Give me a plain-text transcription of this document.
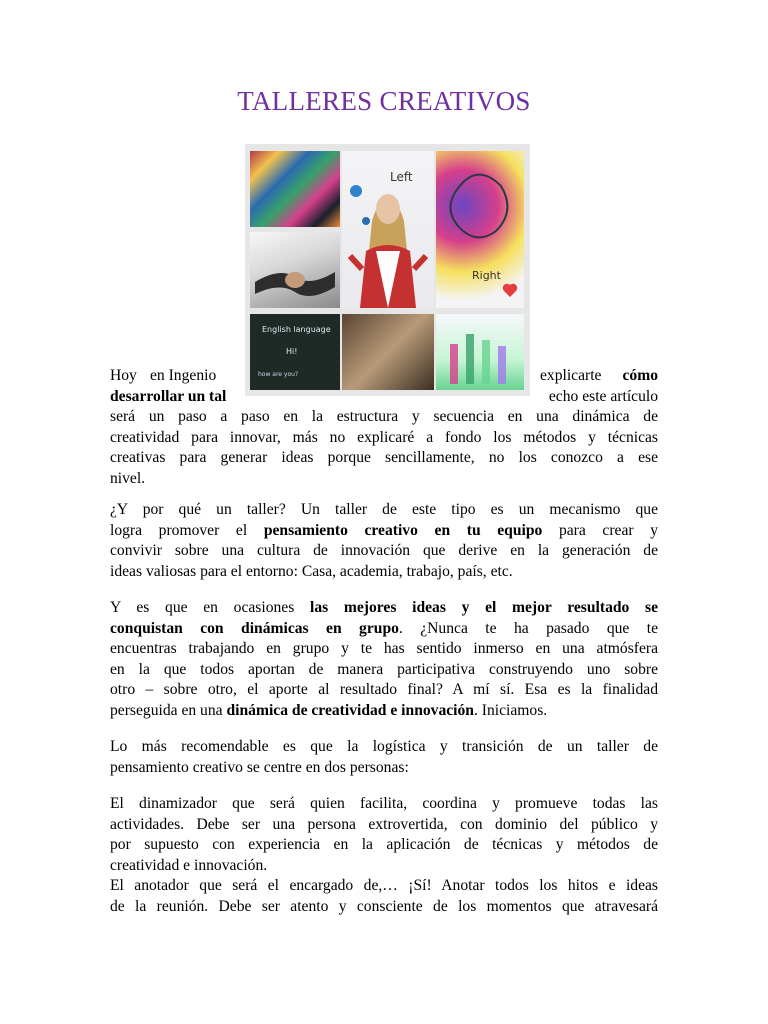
TALLERES CREATIVOS
Left
Right
English language
Hi!
how are you?
Hoy en Ingenio	explicarte cómo
desarrollar un tal	echo este artículo
será un paso a paso en la estructura y secuencia en una dinámica de
creatividad para innovar, más no explicaré a fondo los métodos y técnicas
creativas para generar ideas porque sencillamente, no los conozco a ese
nivel.
¿Y por qué un taller? Un taller de este tipo es un mecanismo que
logra promover el pensamiento creativo en tu equipo para crear y
convivir sobre una cultura de innovación que derive en la generación de
ideas valiosas para el entorno: Casa, academia, trabajo, país, etc.
Y es que en ocasiones las mejores ideas y el mejor resultado se
conquistan con dinámicas en grupo. ¿Nunca te ha pasado que te
encuentras trabajando en grupo y te has sentido inmerso en una atmósfera
en la que todos aportan de manera participativa construyendo uno sobre
otro – sobre otro, el aporte al resultado final? A mí sí. Esa es la finalidad
perseguida en una dinámica de creatividad e innovación. Iniciamos.
Lo más recomendable es que la logística y transición de un taller de
pensamiento creativo se centre en dos personas:
El dinamizador que será quien facilita, coordina y promueve todas las
actividades. Debe ser una persona extrovertida, con dominio del público y
por supuesto con experiencia en la aplicación de técnicas y métodos de
creatividad e innovación.
El anotador que será el encargado de,… ¡Sí! Anotar todos los hitos e ideas
de la reunión. Debe ser atento y consciente de los momentos que atravesará
